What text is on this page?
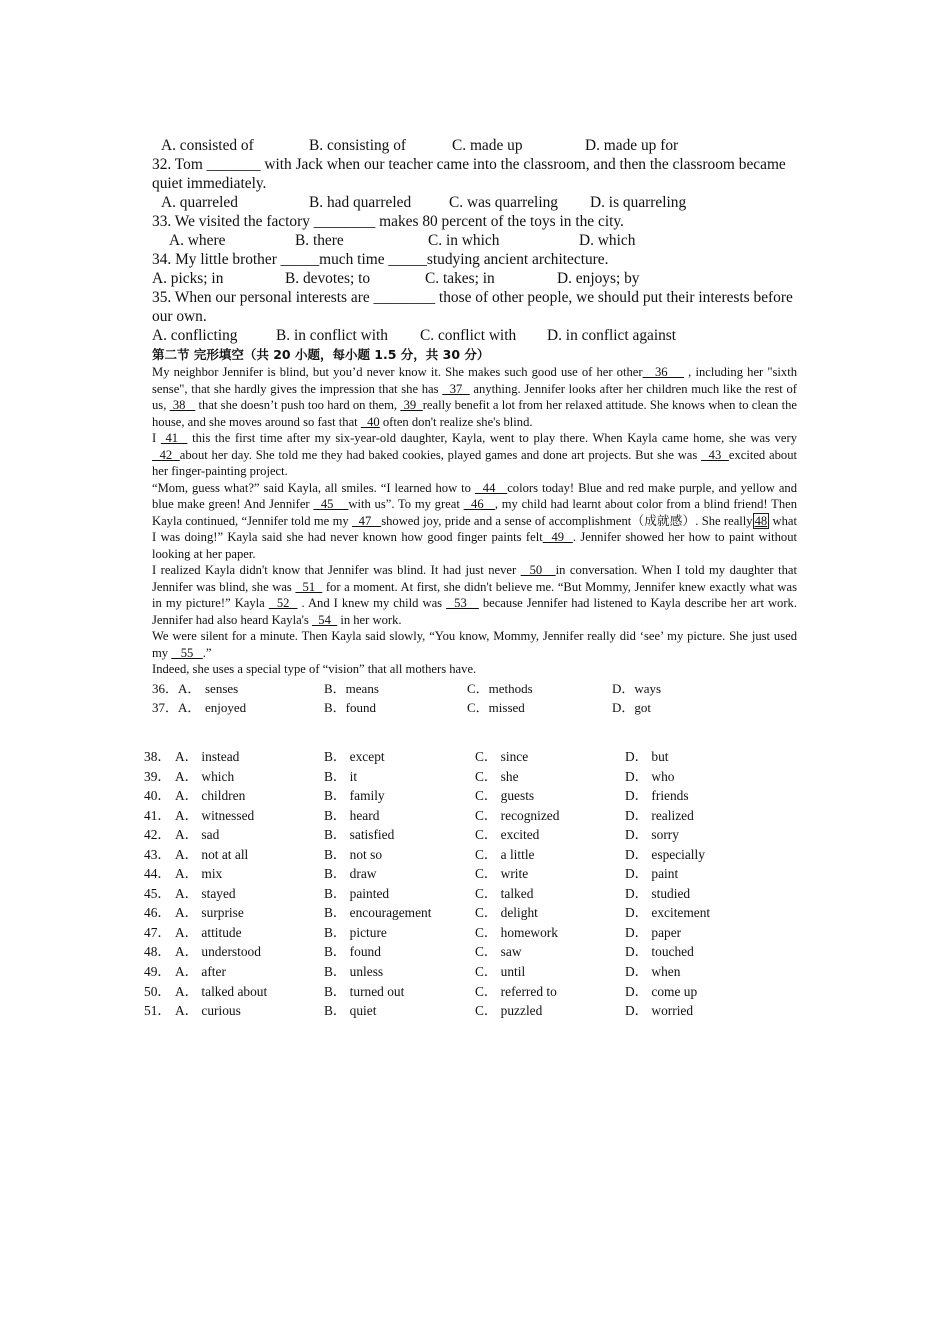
A. consisted of	B. consisting of	C. made up	D. made up for
32. Tom _______ with Jack when our teacher came into the classroom, and then the classroom became quiet immediately.
A. quarreled	B. had quarreled C. was quarreling D. is quarreling
33. We visited the factory ________ makes 80 percent of the toys in the city.
A. where	B. there	C. in which	D. which
34. My little brother _____much time _____studying ancient architecture.
A. picks; in	B. devotes; to	C. takes; in	D. enjoys; by
35. When our personal interests are ________ those of other people, we should put their interests before our own.
A. conflicting	B. in conflict with C. conflict with D. in conflict against
第二节 完形填空（共 20 小题，每小题 1.5 分，共 30 分）

My neighbor Jennifer is blind, but you’d never know it. She makes such good use of her other   36     , including her "sixth sense", that she hardly gives the impression that she has   37   anything. Jennifer looks after her children much like the rest of us,  38    that she doesn’t push too hard on them,  39  really benefit a lot from her relaxed attitude. She knows when to clean the house, and she moves around so fast that   40 often don't realize she's blind.

I  41   this the first time after my six-year-old daughter, Kayla, went to play there. When Kayla came home, she was very   42  about her day. She told me they had baked cookies, played games and done art projects. But she was   43  excited about her finger-painting project.

“Mom, guess what?” said Kayla, all smiles. “I learned how to   44   colors today! Blue and red make purple, and yellow and blue make green! And Jennifer   45    with us”. To my great   46   , my child had learnt about color from a blind friend! Then Kayla continued, “Jennifer told me my   47   showed joy, pride and a sense of accomplishment（成就感）. She really 48 what I was doing!” Kayla said she had never known how good finger paints felt  49  . Jennifer showed her how to paint without looking at her paper.

I realized Kayla didn't know that Jennifer was blind. It had just never   50   in conversation. When I told my daughter that Jennifer was blind, she was   51   for a moment. At first, she didn't believe me. “But Mommy, Jennifer knew exactly what was in my picture!” Kayla   52   . And I knew my child was   53    because Jennifer had listened to Kayla describe her art work. Jennifer had also heard Kayla's   54   in her work.

We were silent for a minute. Then Kayla said slowly, “You know, Mommy, Jennifer really did ‘see’ my picture. She just used my    55   .”

Indeed, she uses a special type of “vision” that all mothers have.

36．A． senses	B．means	C．methods	D．ways
37．A． enjoyed	B．found	C．missed	D．got
38． A． instead	B． except	C． since	D． but
39． A． which	B． it	C． she	D． who
40． A． children	B． family	C． guests	D． friends
41． A． witnessed	B． heard	C． recognized	D． realized
42． A． sad	B． satisfied	C． excited	D． sorry
43． A． not at all	B． not so	C． a little	D． especially
44． A． mix	B． draw	C． write	D． paint
45． A． stayed	B． painted	C． talked	D． studied
46． A． surprise	B． encouragement	C． delight	D． excitement
47． A． attitude	B． picture	C． homework	D． paper
48． A． understood	B． found	C． saw	D． touched
49． A． after	B． unless	C． until	D． when
50． A． talked about	B． turned out	C． referred to	D． come up
51． A． curious	B． quiet	C． puzzled	D． worried
